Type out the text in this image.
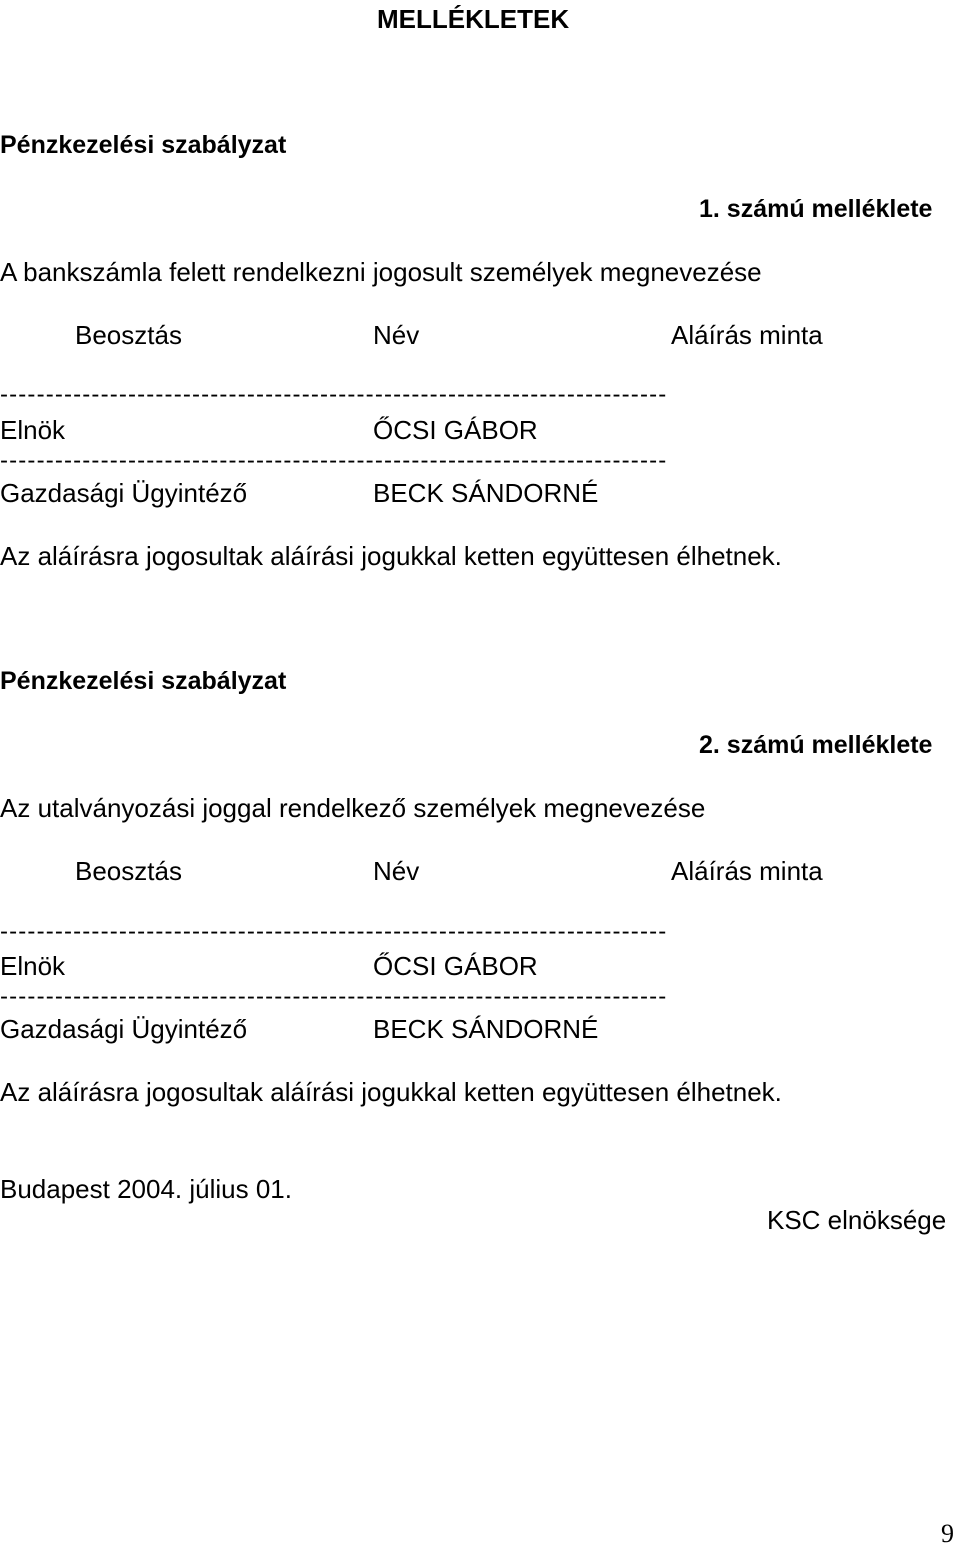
MELLÉKLETEK
Pénzkezelési szabályzat
1. számú melléklete
A bankszámla felett rendelkezni jogosult személyek megnevezése
Beosztás	Név	Aláírás minta
-------------------------------------------------------------------------
Elnök	ŐCSI GÁBOR
-------------------------------------------------------------------------
Gazdasági Ügyintéző	BECK SÁNDORNÉ
Az aláírásra jogosultak aláírási jogukkal ketten együttesen élhetnek.
Pénzkezelési szabályzat
2. számú melléklete
Az utalványozási joggal rendelkező személyek megnevezése
Beosztás	Név	Aláírás minta
-------------------------------------------------------------------------
Elnök	ŐCSI GÁBOR
-------------------------------------------------------------------------
Gazdasági Ügyintéző	BECK SÁNDORNÉ
Az aláírásra jogosultak aláírási jogukkal ketten együttesen élhetnek.
Budapest 2004. július 01.
KSC elnöksége
9
